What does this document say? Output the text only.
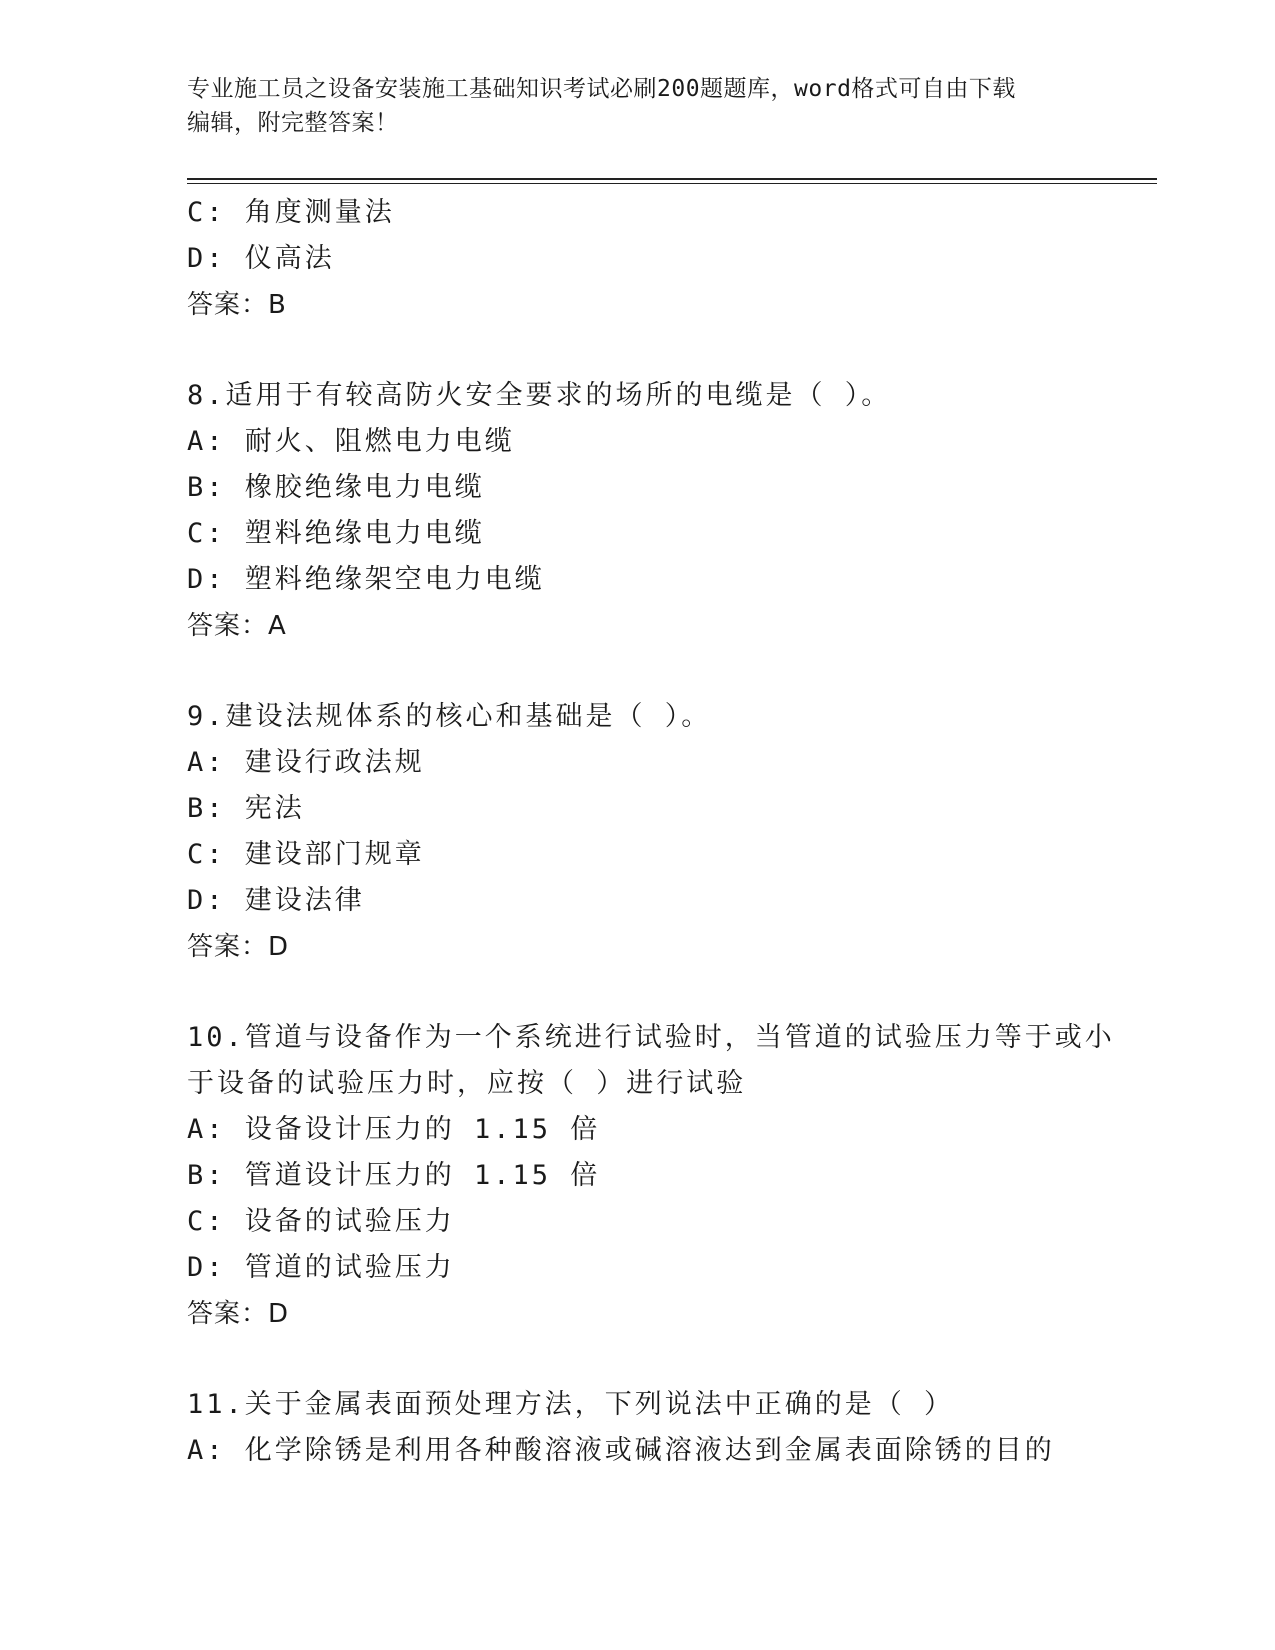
专业施工员之设备安装施工基础知识考试必刷200题题库，word格式可自由下载
编辑，附完整答案！
C: 角度测量法
D: 仪高法
答案：B
8.适用于有较高防火安全要求的场所的电缆是（ ）。
A: 耐火、阻燃电力电缆
B: 橡胶绝缘电力电缆
C: 塑料绝缘电力电缆
D: 塑料绝缘架空电力电缆
答案：A
9.建设法规体系的核心和基础是（ ）。
A: 建设行政法规
B: 宪法
C: 建设部门规章
D: 建设法律
答案：D
10.管道与设备作为一个系统进行试验时，当管道的试验压力等于或小
于设备的试验压力时，应按（ ）进行试验
A: 设备设计压力的 1.15 倍
B: 管道设计压力的 1.15 倍
C: 设备的试验压力
D: 管道的试验压力
答案：D
11.关于金属表面预处理方法，下列说法中正确的是（ ）
A: 化学除锈是利用各种酸溶液或碱溶液达到金属表面除锈的目的
